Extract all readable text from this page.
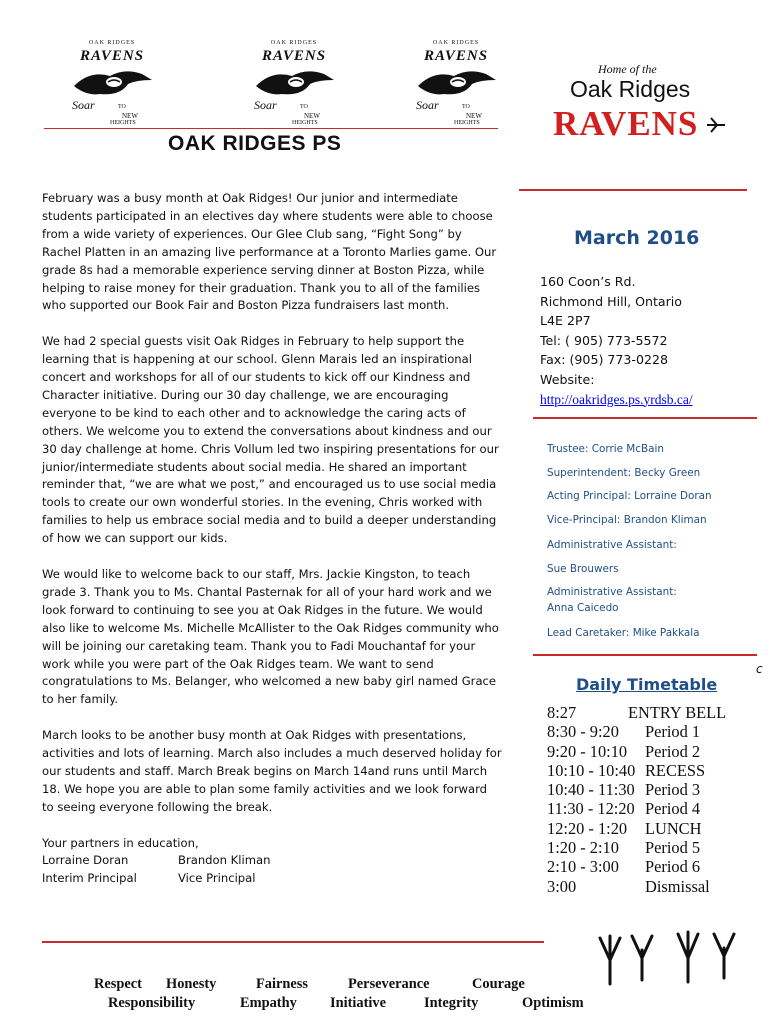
OAK RIDGES
RAVENS
Soar	TO
NEW
HEIGHTS
OAK RIDGES
RAVENS
Soar	TO
NEW
HEIGHTS
OAK RIDGES
RAVENS
Soar	TO
NEW
HEIGHTS
Home of the
Oak Ridges
RAVENS
OAK RIDGES PS

February was a busy month at Oak Ridges! Our junior and intermediate students participated in an electives day where students were able to choose from a wide variety of experiences. Our Glee Club sang, “Fight Song” by Rachel Platten in an amazing live performance at a Toronto Marlies game. Our grade 8s had a memorable experience serving dinner at Boston Pizza, while helping to raise money for their graduation. Thank you to all of the families who supported our Book Fair and Boston Pizza fundraisers last month.

We had 2 special guests visit Oak Ridges in February to help support the learning that is happening at our school. Glenn Marais led an inspirational concert and workshops for all of our students to kick off our Kindness and Character initiative. During our 30 day challenge, we are encouraging everyone to be kind to each other and to acknowledge the caring acts of others. We welcome you to extend the conversations about kindness and our 30 day challenge at home. Chris Vollum led two inspiring presentations for our junior/intermediate students about social media. He shared an important reminder that, “we are what we post,” and encouraged us to use social media tools to create our own wonderful stories. In the evening, Chris worked with families to help us embrace social media and to build a deeper understanding of how we can support our kids.

We would like to welcome back to our staff, Mrs. Jackie Kingston, to teach grade 3. Thank you to Ms. Chantal Pasternak for all of your hard work and we look forward to continuing to see you at Oak Ridges in the future. We would also like to welcome Ms. Michelle McAllister to the Oak Ridges community who will be joining our caretaking team. Thank you to Fadi Mouchantaf for your work while you were part of the Oak Ridges team. We want to send congratulations to Ms. Belanger, who welcomed a new baby girl named Grace to her family.

March looks to be another busy month at Oak Ridges with presentations, activities and lots of learning. March also includes a much deserved holiday for our students and staff. March Break begins on March 14and runs until March 18. We hope you are able to plan some family activities and we look forward to seeing everyone following the break.

Your partners in education,
Lorraine Doran	Brandon Kliman
Interim Principal	Vice Principal
March 2016
160 Coon’s Rd.
Richmond Hill, Ontario
L4E 2P7
Tel: ( 905) 773-5572
Fax: (905) 773-0228
Website:
http://oakridges.ps.yrdsb.ca/
Trustee: Corrie McBain
Superintendent: Becky Green
Acting Principal: Lorraine Doran
Vice-Principal: Brandon Kliman
Administrative Assistant:
Sue Brouwers
Administrative Assistant:
Anna Caicedo
Lead Caretaker: Mike Pakkala
c
Daily Timetable
8:27	ENTRY BELL
8:30 - 9:20	Period 1
9:20 - 10:10	Period 2
10:10 - 10:40 RECESS
10:40 - 11:30 Period 3
11:30 - 12:20 Period 4
12:20 - 1:20	LUNCH
1:20 - 2:10	Period 5
2:10 - 3:00	Period 6
3:00	Dismissal
Respect Honesty	Fairness	Perseverance	Courage
Responsibility	Empathy Initiative	Integrity	Optimism
